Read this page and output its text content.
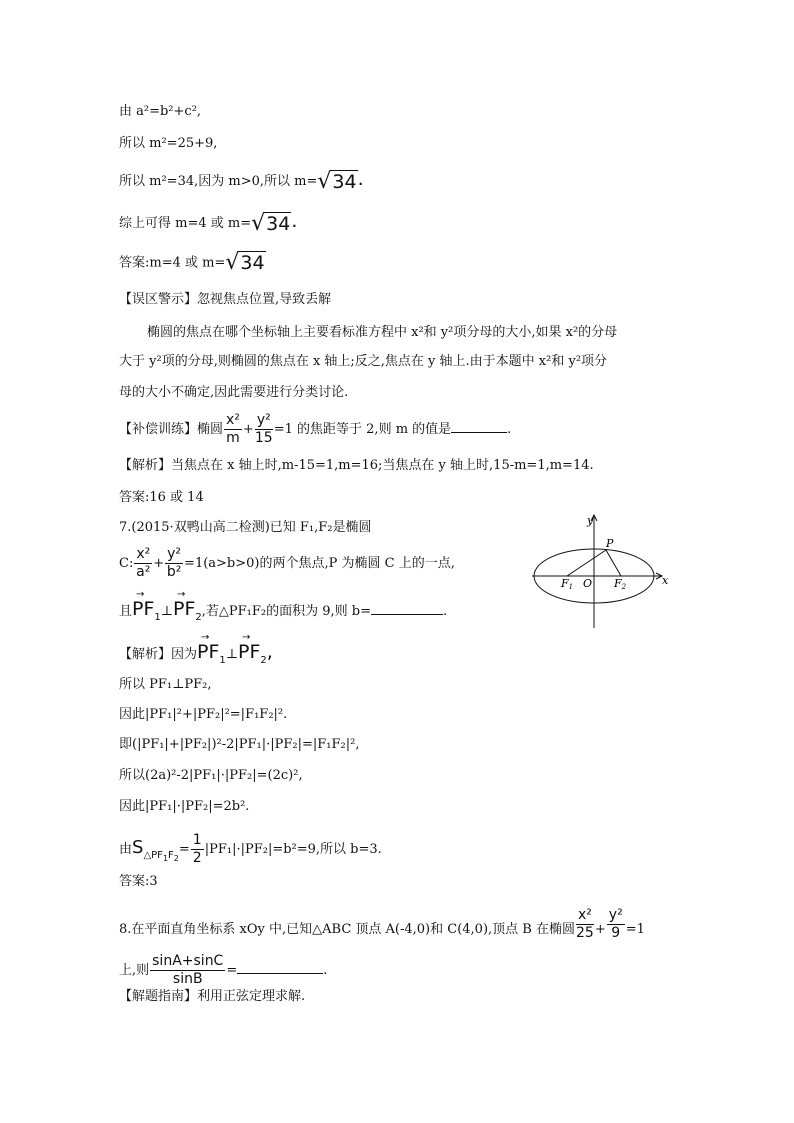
由 a²=b²+c²,
所以 m²=25+9,
所以 m²=34,因为 m>0,所以 m=√34.
综上可得 m=4 或 m=√34.
答案:m=4 或 m=√34
【误区警示】忽视焦点位置,导致丢解
椭圆的焦点在哪个坐标轴上主要看标准方程中 x²和 y²项分母的大小,如果 x²的分母
大于 y²项的分母,则椭圆的焦点在 x 轴上;反之,焦点在 y 轴上.由于本题中 x²和 y²项分
母的大小不确定,因此需要进行分类讨论.
【补偿训练】椭圆 $\frac{\text{x²}}{m} + \frac{\text{y²}}{15} =1$ 的焦距等于 2,则 m 的值是	.
【解析】当焦点在 x 轴上时,m-15=1,m=16;当焦点在 y 轴上时,15-m=1,m=14.
答案:16 或 14
7.(2015·双鸭山高二检测)已知 F₁,F₂是椭圆
C: $\frac{\text{x²}}{\text{a²}} + \frac{\text{y²}}{\text{b²}} =1(a>b>0)$的两个焦点,P 为椭圆 C 上的一点,
且→ $PF_1\perp\to PF_2$,若△PF₁F₂的面积为 9,则 b=	.
【解析】因为→ $PF_1\perp\to PF_2$,
所以 PF₁⊥PF₂,
因此|PF₁|²+|PF₂|²=|F₁F₂|².
即(|PF₁|+|PF₂|)²-2|PF₁|·|PF₂|=|F₁F₂|²,
所以(2a)²-2|PF₁|·|PF₂|=(2c)²,
因此|PF₁|·|PF₂|=2b².
由$S_{\triangle PF_1F_2}= \frac{1}{2} |PF_1|\cdot|PF_2|=b^2=9$,所以 b=3.
答案:3
8.在平面直角坐标系 xOy 中,已知△ABC 顶点 A(-4,0)和 C(4,0),顶点 B 在椭圆 $\frac{\text{x²}}{25} + \frac{\text{y²}}{9} =1$
上,则 $\frac{\sin A+\sin C}{\sin B}$ =	.
【解题指南】利用正弦定理求解.
y
x
P
F1 O F2
